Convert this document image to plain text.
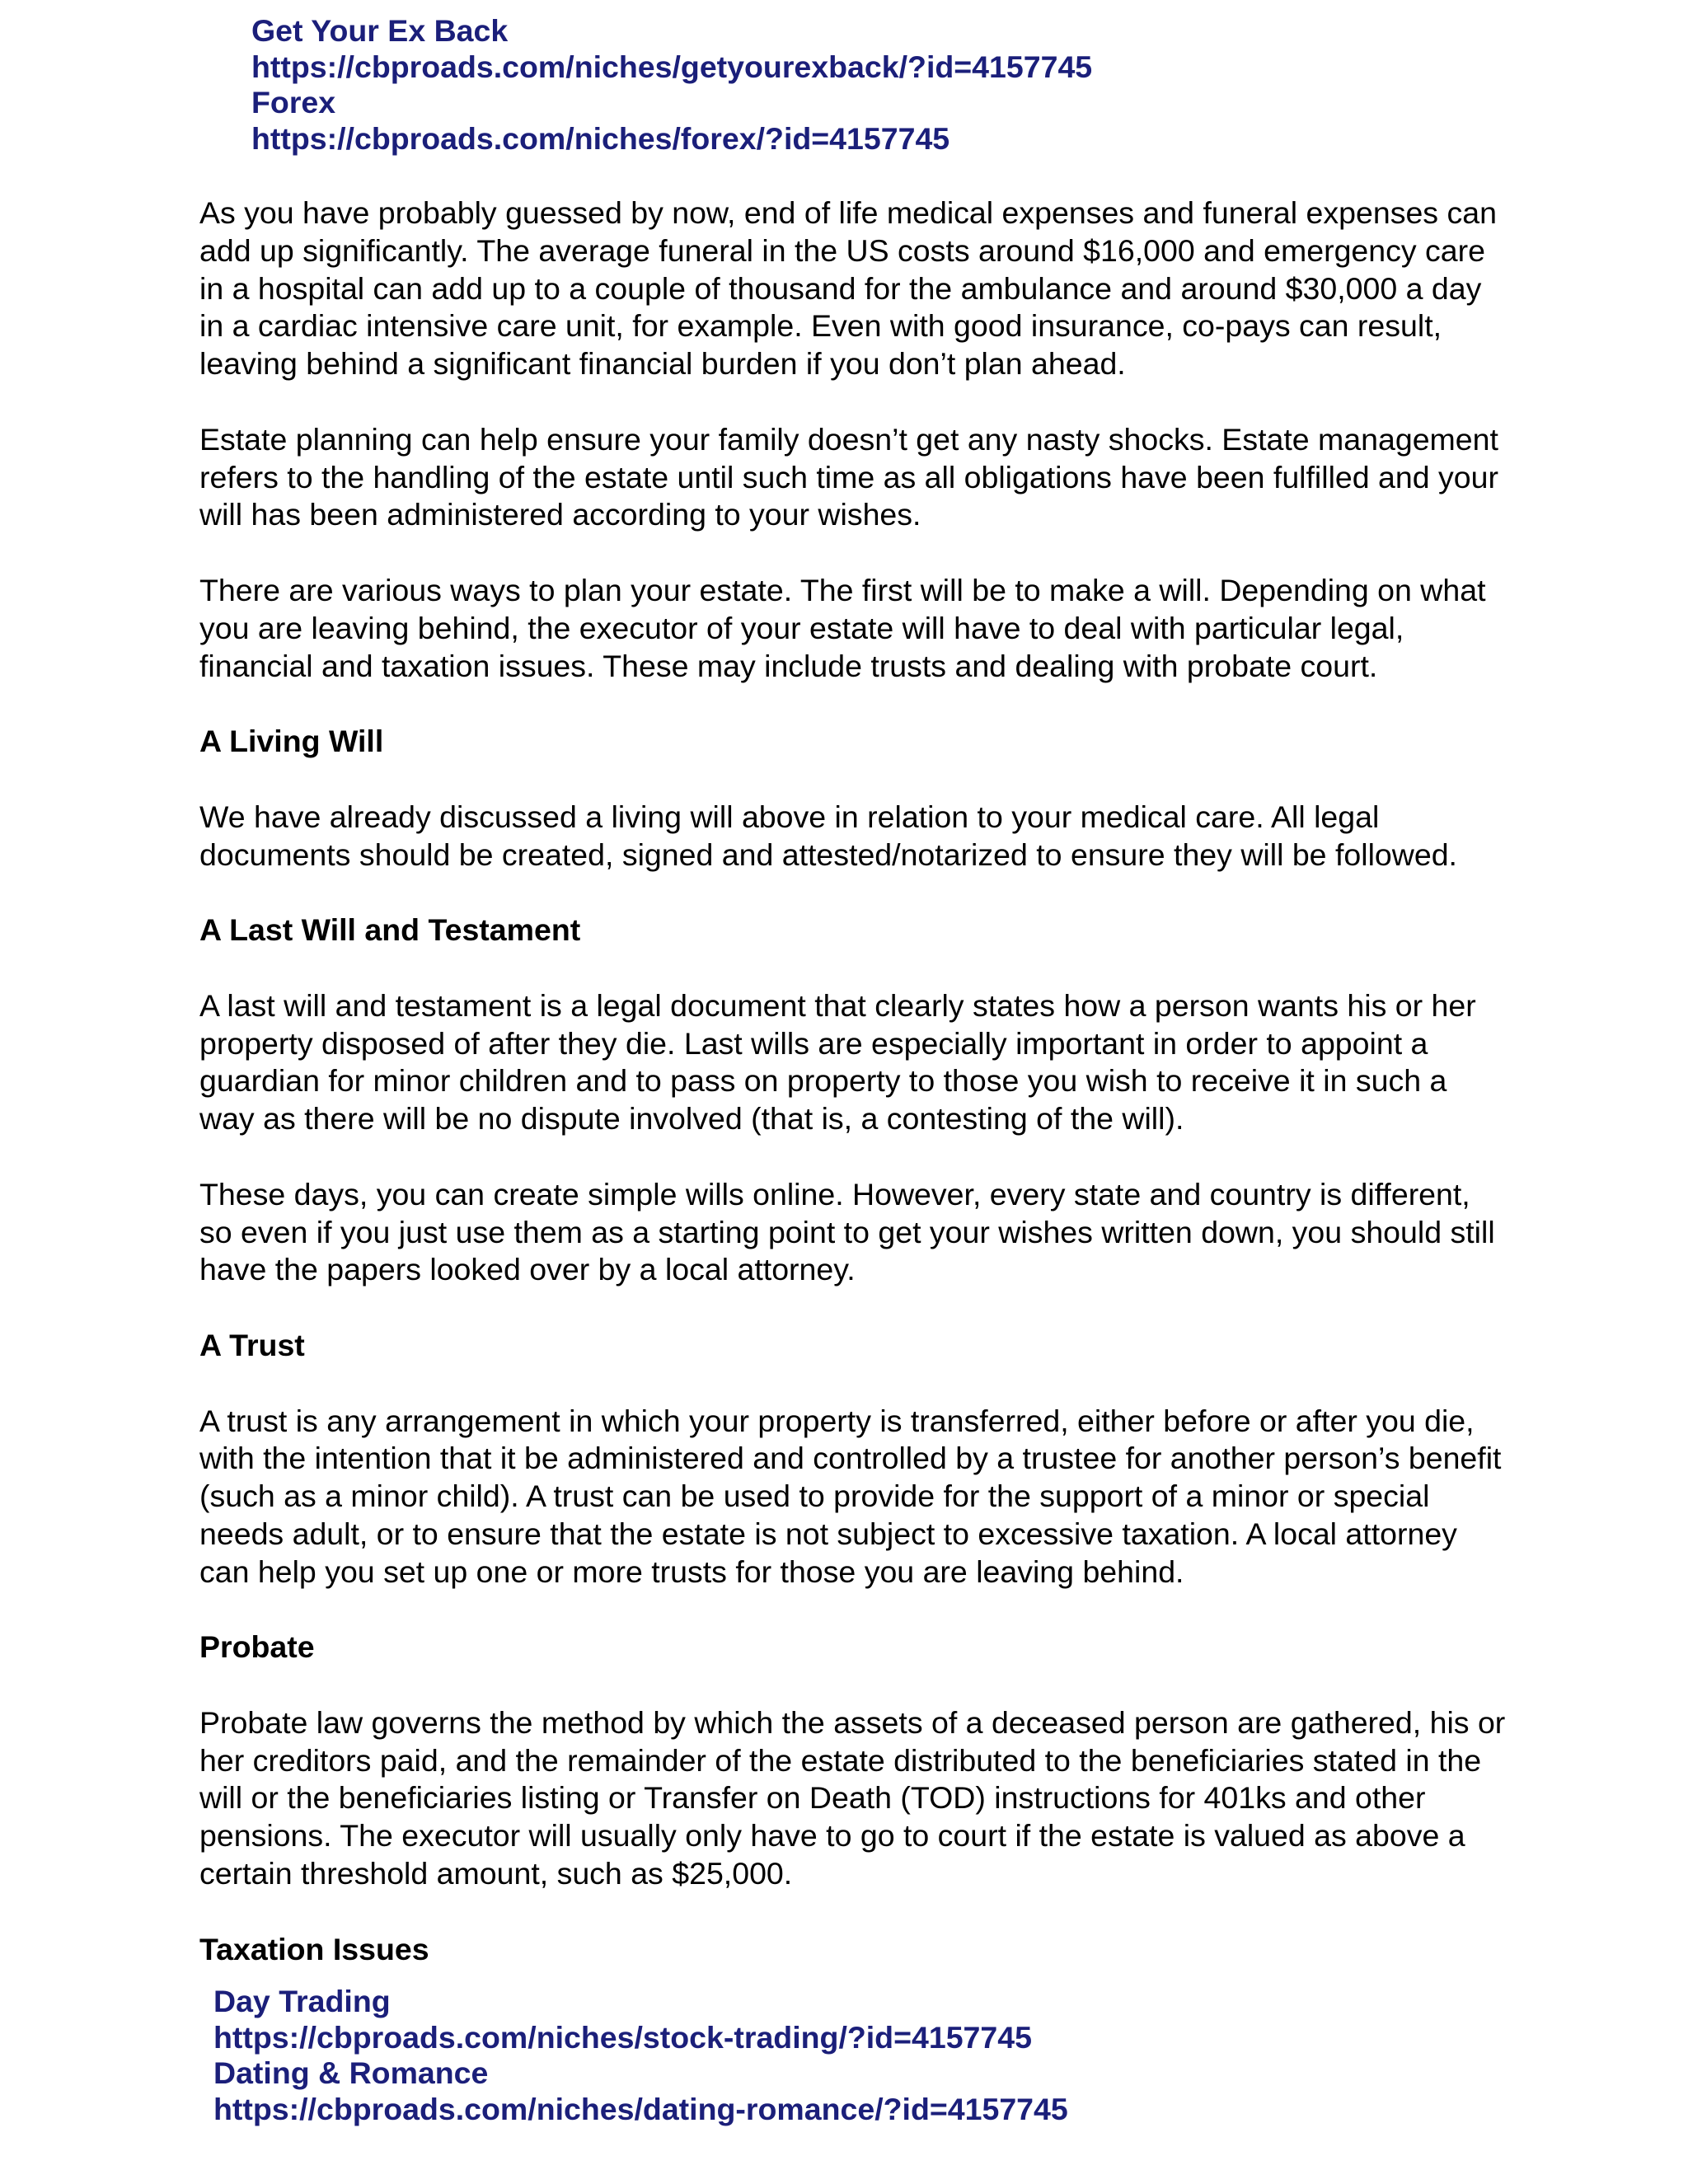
Get Your Ex Back
https://cbproads.com/niches/getyourexback/?id=4157745
Forex
https://cbproads.com/niches/forex/?id=4157745

As you have probably guessed by now, end of life medical expenses and funeral expenses can add up significantly. The average funeral in the US costs around $16,000 and emergency care in a hospital can add up to a couple of thousand for the ambulance and around $30,000 a day in a cardiac intensive care unit, for example. Even with good insurance, co-pays can result, leaving behind a significant financial burden if you don’t plan ahead.

Estate planning can help ensure your family doesn’t get any nasty shocks. Estate management refers to the handling of the estate until such time as all obligations have been fulfilled and your will has been administered according to your wishes.

There are various ways to plan your estate. The first will be to make a will. Depending on what you are leaving behind, the executor of your estate will have to deal with particular legal, financial and taxation issues. These may include trusts and dealing with probate court.

A Living Will

We have already discussed a living will above in relation to your medical care. All legal documents should be created, signed and attested/notarized to ensure they will be followed.

A Last Will and Testament

A last will and testament is a legal document that clearly states how a person wants his or her property disposed of after they die. Last wills are especially important in order to appoint a guardian for minor children and to pass on property to those you wish to receive it in such a way as there will be no dispute involved (that is, a contesting of the will).

These days, you can create simple wills online. However, every state and country is different, so even if you just use them as a starting point to get your wishes written down, you should still have the papers looked over by a local attorney.

A Trust

A trust is any arrangement in which your property is transferred, either before or after you die, with the intention that it be administered and controlled by a trustee for another person’s benefit (such as a minor child). A trust can be used to provide for the support of a minor or special needs adult, or to ensure that the estate is not subject to excessive taxation. A local attorney can help you set up one or more trusts for those you are leaving behind.

Probate

Probate law governs the method by which the assets of a deceased person are gathered, his or her creditors paid, and the remainder of the estate distributed to the beneficiaries stated in the will or the beneficiaries listing or Transfer on Death (TOD) instructions for 401ks and other pensions. The executor will usually only have to go to court if the estate is valued as above a certain threshold amount, such as $25,000.

Taxation Issues
Day Trading
https://cbproads.com/niches/stock-trading/?id=4157745
Dating & Romance
https://cbproads.com/niches/dating-romance/?id=4157745
